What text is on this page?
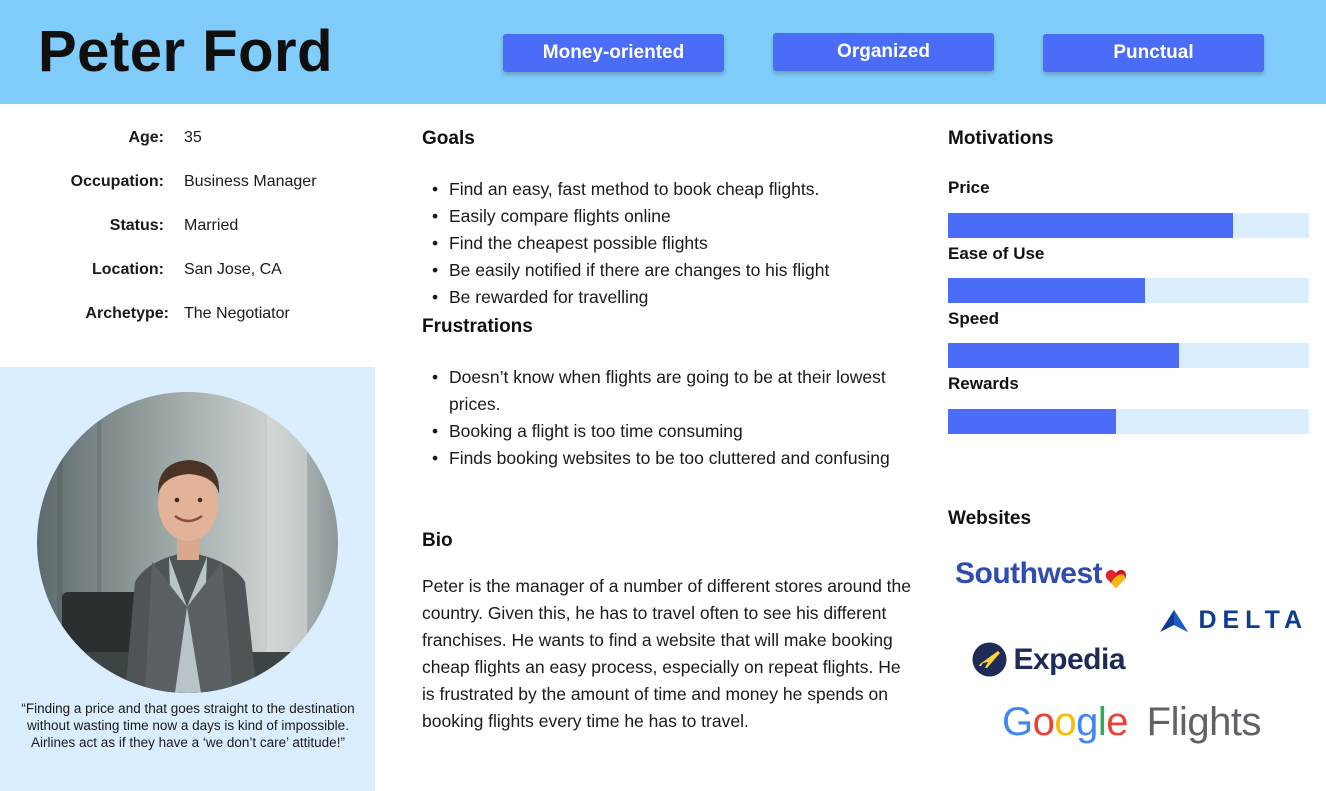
Peter Ford	Money-oriented	Organized	Punctual
Age: 35
Occupation: Business Manager
Status: Married
Location: San Jose, CA
Archetype: The Negotiator
“Finding a price and that goes straight to the destination without wasting time now a days is kind of impossible. Airlines act as if they have a ‘we don’t care’ attitude!”
Goals
• Find an easy, fast method to book cheap flights.
• Easily compare flights online
• Find the cheapest possible flights
• Be easily notified if there are changes to his flight
• Be rewarded for travelling
Frustrations
• Doesn’t know when flights are going to be at their lowest prices.
• Booking a flight is too time consuming
• Finds booking websites to be too cluttered and confusing
Bio
Peter is the manager of a number of different stores around the country. Given this, he has to travel often to see his different franchises. He wants to find a website that will make booking cheap flights an easy process, especially on repeat flights. He is frustrated by the amount of time and money he spends on booking flights every time he has to travel.
Motivations
Price
Ease of Use
Speed
Rewards
Websites
Southwest
DELTA
Expedia
Google Flights
